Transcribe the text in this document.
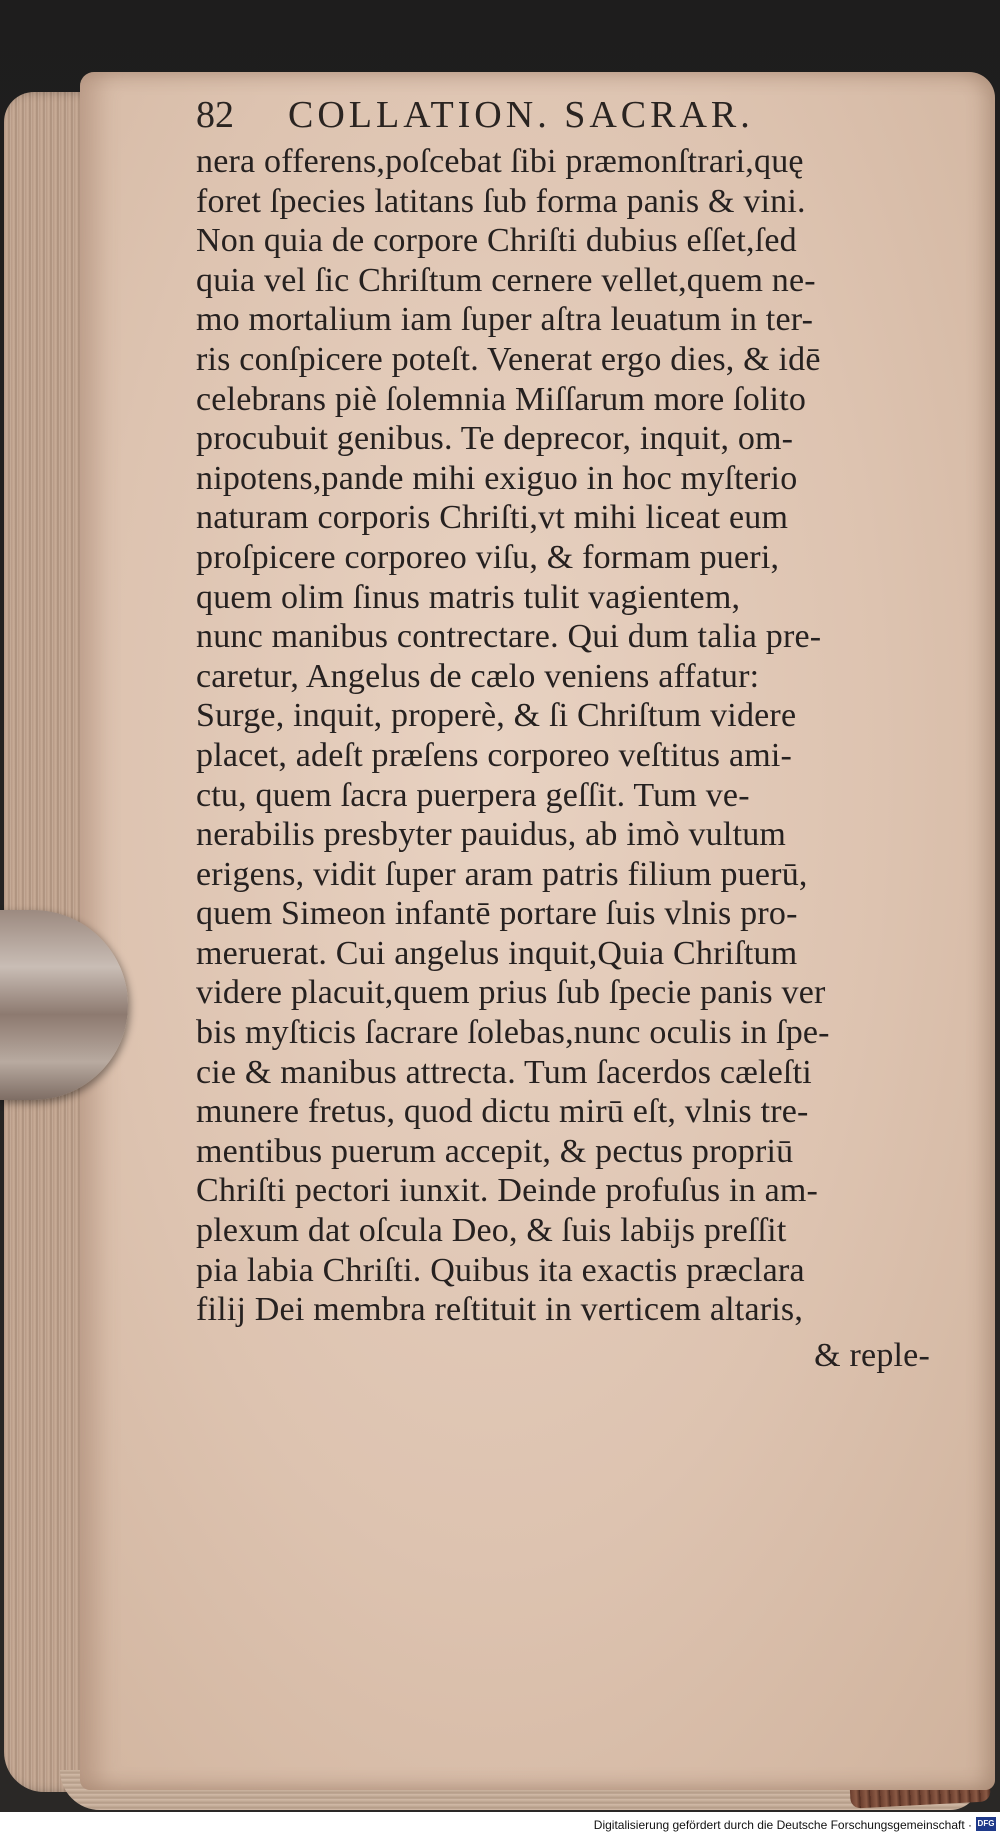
82	COLLATION. SACRAR.
nera offerens,poſcebat ſibi præmonſtrari,quę
foret ſpecies latitans ſub forma panis & vini.
Non quia de corpore Chriſti dubius eſſet,ſed
quia vel ſic Chriſtum cernere vellet,quem ne-
mo mortalium iam ſuper aſtra leuatum in ter-
ris conſpicere poteſt. Venerat ergo dies, & idē
celebrans piè ſolemnia Miſſarum more ſolito
procubuit genibus. Te deprecor, inquit, om-
nipotens,pande mihi exiguo in hoc myſterio
naturam corporis Chriſti,vt mihi liceat eum
proſpicere corporeo viſu, & formam pueri,
quem olim ſinus matris tulit vagientem,
nunc manibus contrectare. Qui dum talia pre-
caretur, Angelus de cælo veniens affatur:
Surge, inquit, properè, & ſi Chriſtum videre
placet, adeſt præſens corporeo veſtitus ami-
ctu, quem ſacra puerpera geſſit. Tum ve-
nerabilis presbyter pauidus, ab imò vultum
erigens, vidit ſuper aram patris filium puerū,
quem Simeon infantē portare ſuis vlnis pro-
meruerat. Cui angelus inquit,Quia Chriſtum
videre placuit,quem prius ſub ſpecie panis ver
bis myſticis ſacrare ſolebas,nunc oculis in ſpe-
cie & manibus attrecta. Tum ſacerdos cæleſti
munere fretus, quod dictu mirū eſt, vlnis tre-
mentibus puerum accepit, & pectus propriū
Chriſti pectori iunxit. Deinde profuſus in am-
plexum dat oſcula Deo, & ſuis labijs preſſit
pia labia Chriſti. Quibus ita exactis præclara
filij Dei membra reſtituit in verticem altaris,
& reple-
Digitalisierung gefördert durch die Deutsche Forschungsgemeinschaft · DFG
